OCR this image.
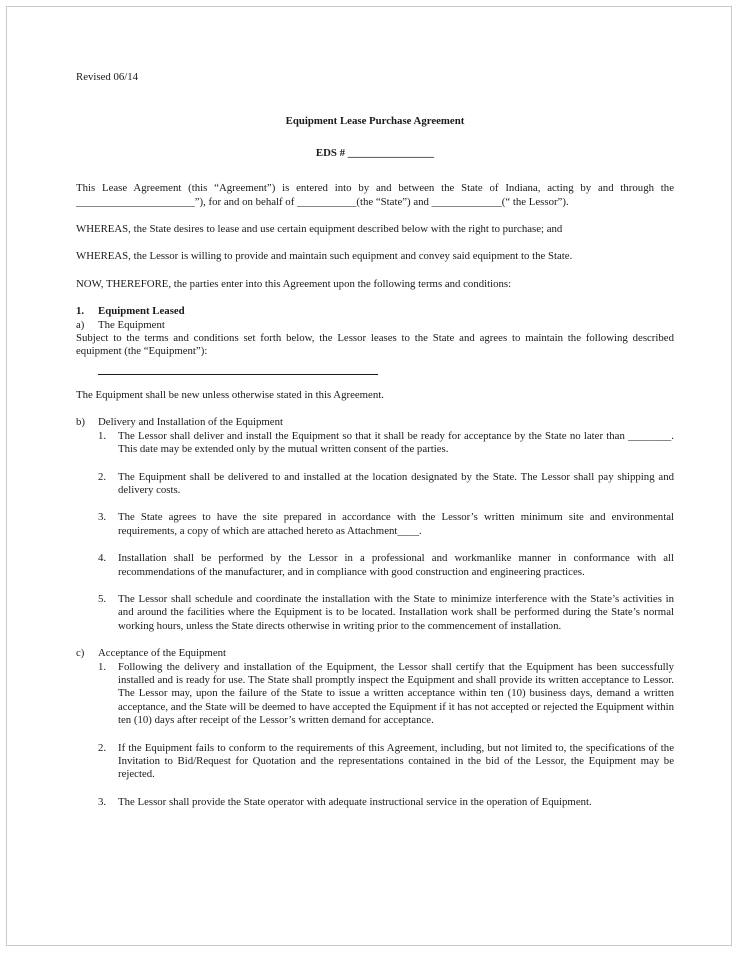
Revised 06/14

Equipment Lease Purchase Agreement

EDS # ________________

This Lease Agreement (this “Agreement”) is entered into by and between the State of Indiana, acting by and through the ______________________”), for and on behalf of ___________(the “State”) and _____________(“ the Lessor”).

WHEREAS, the State desires to lease and use certain equipment described below with the right to purchase; and

WHEREAS, the Lessor is willing to provide and maintain such equipment and convey said equipment to the State.

NOW, THEREFORE, the parties enter into this Agreement upon the following terms and conditions:

1.	Equipment Leased
a)	The Equipment

Subject to the terms and conditions set forth below, the Lessor leases to the State and agrees to maintain the following described equipment (the “Equipment”):

The Equipment shall be new unless otherwise stated in this Agreement.

b)	Delivery and Installation of the Equipment
1.	The Lessor shall deliver and install the Equipment so that it shall be ready for acceptance by the State no later than ________. This date may be extended only by the mutual written consent of the parties.
2.	The Equipment shall be delivered to and installed at the location designated by the State. The Lessor shall pay shipping and delivery costs.
3.	The State agrees to have the site prepared in accordance with the Lessor’s written minimum site and environmental requirements, a copy of which are attached hereto as Attachment____.
4.	Installation shall be performed by the Lessor in a professional and workmanlike manner in conformance with all recommendations of the manufacturer, and in compliance with good construction and engineering practices.
5.	The Lessor shall schedule and coordinate the installation with the State to minimize interference with the State’s activities in and around the facilities where the Equipment is to be located. Installation work shall be performed during the State’s normal working hours, unless the State directs otherwise in writing prior to the commencement of installation.
c)	Acceptance of the Equipment
1.	Following the delivery and installation of the Equipment, the Lessor shall certify that the Equipment has been successfully installed and is ready for use. The State shall promptly inspect the Equipment and shall provide its written acceptance to Lessor. The Lessor may, upon the failure of the State to issue a written acceptance within ten (10) business days, demand a written acceptance, and the State will be deemed to have accepted the Equipment if it has not accepted or rejected the Equipment within ten (10) days after receipt of the Lessor’s written demand for acceptance.
2.	If the Equipment fails to conform to the requirements of this Agreement, including, but not limited to, the specifications of the Invitation to Bid/Request for Quotation and the representations contained in the bid of the Lessor, the Equipment may be rejected.
3.	The Lessor shall provide the State operator with adequate instructional service in the operation of Equipment.
